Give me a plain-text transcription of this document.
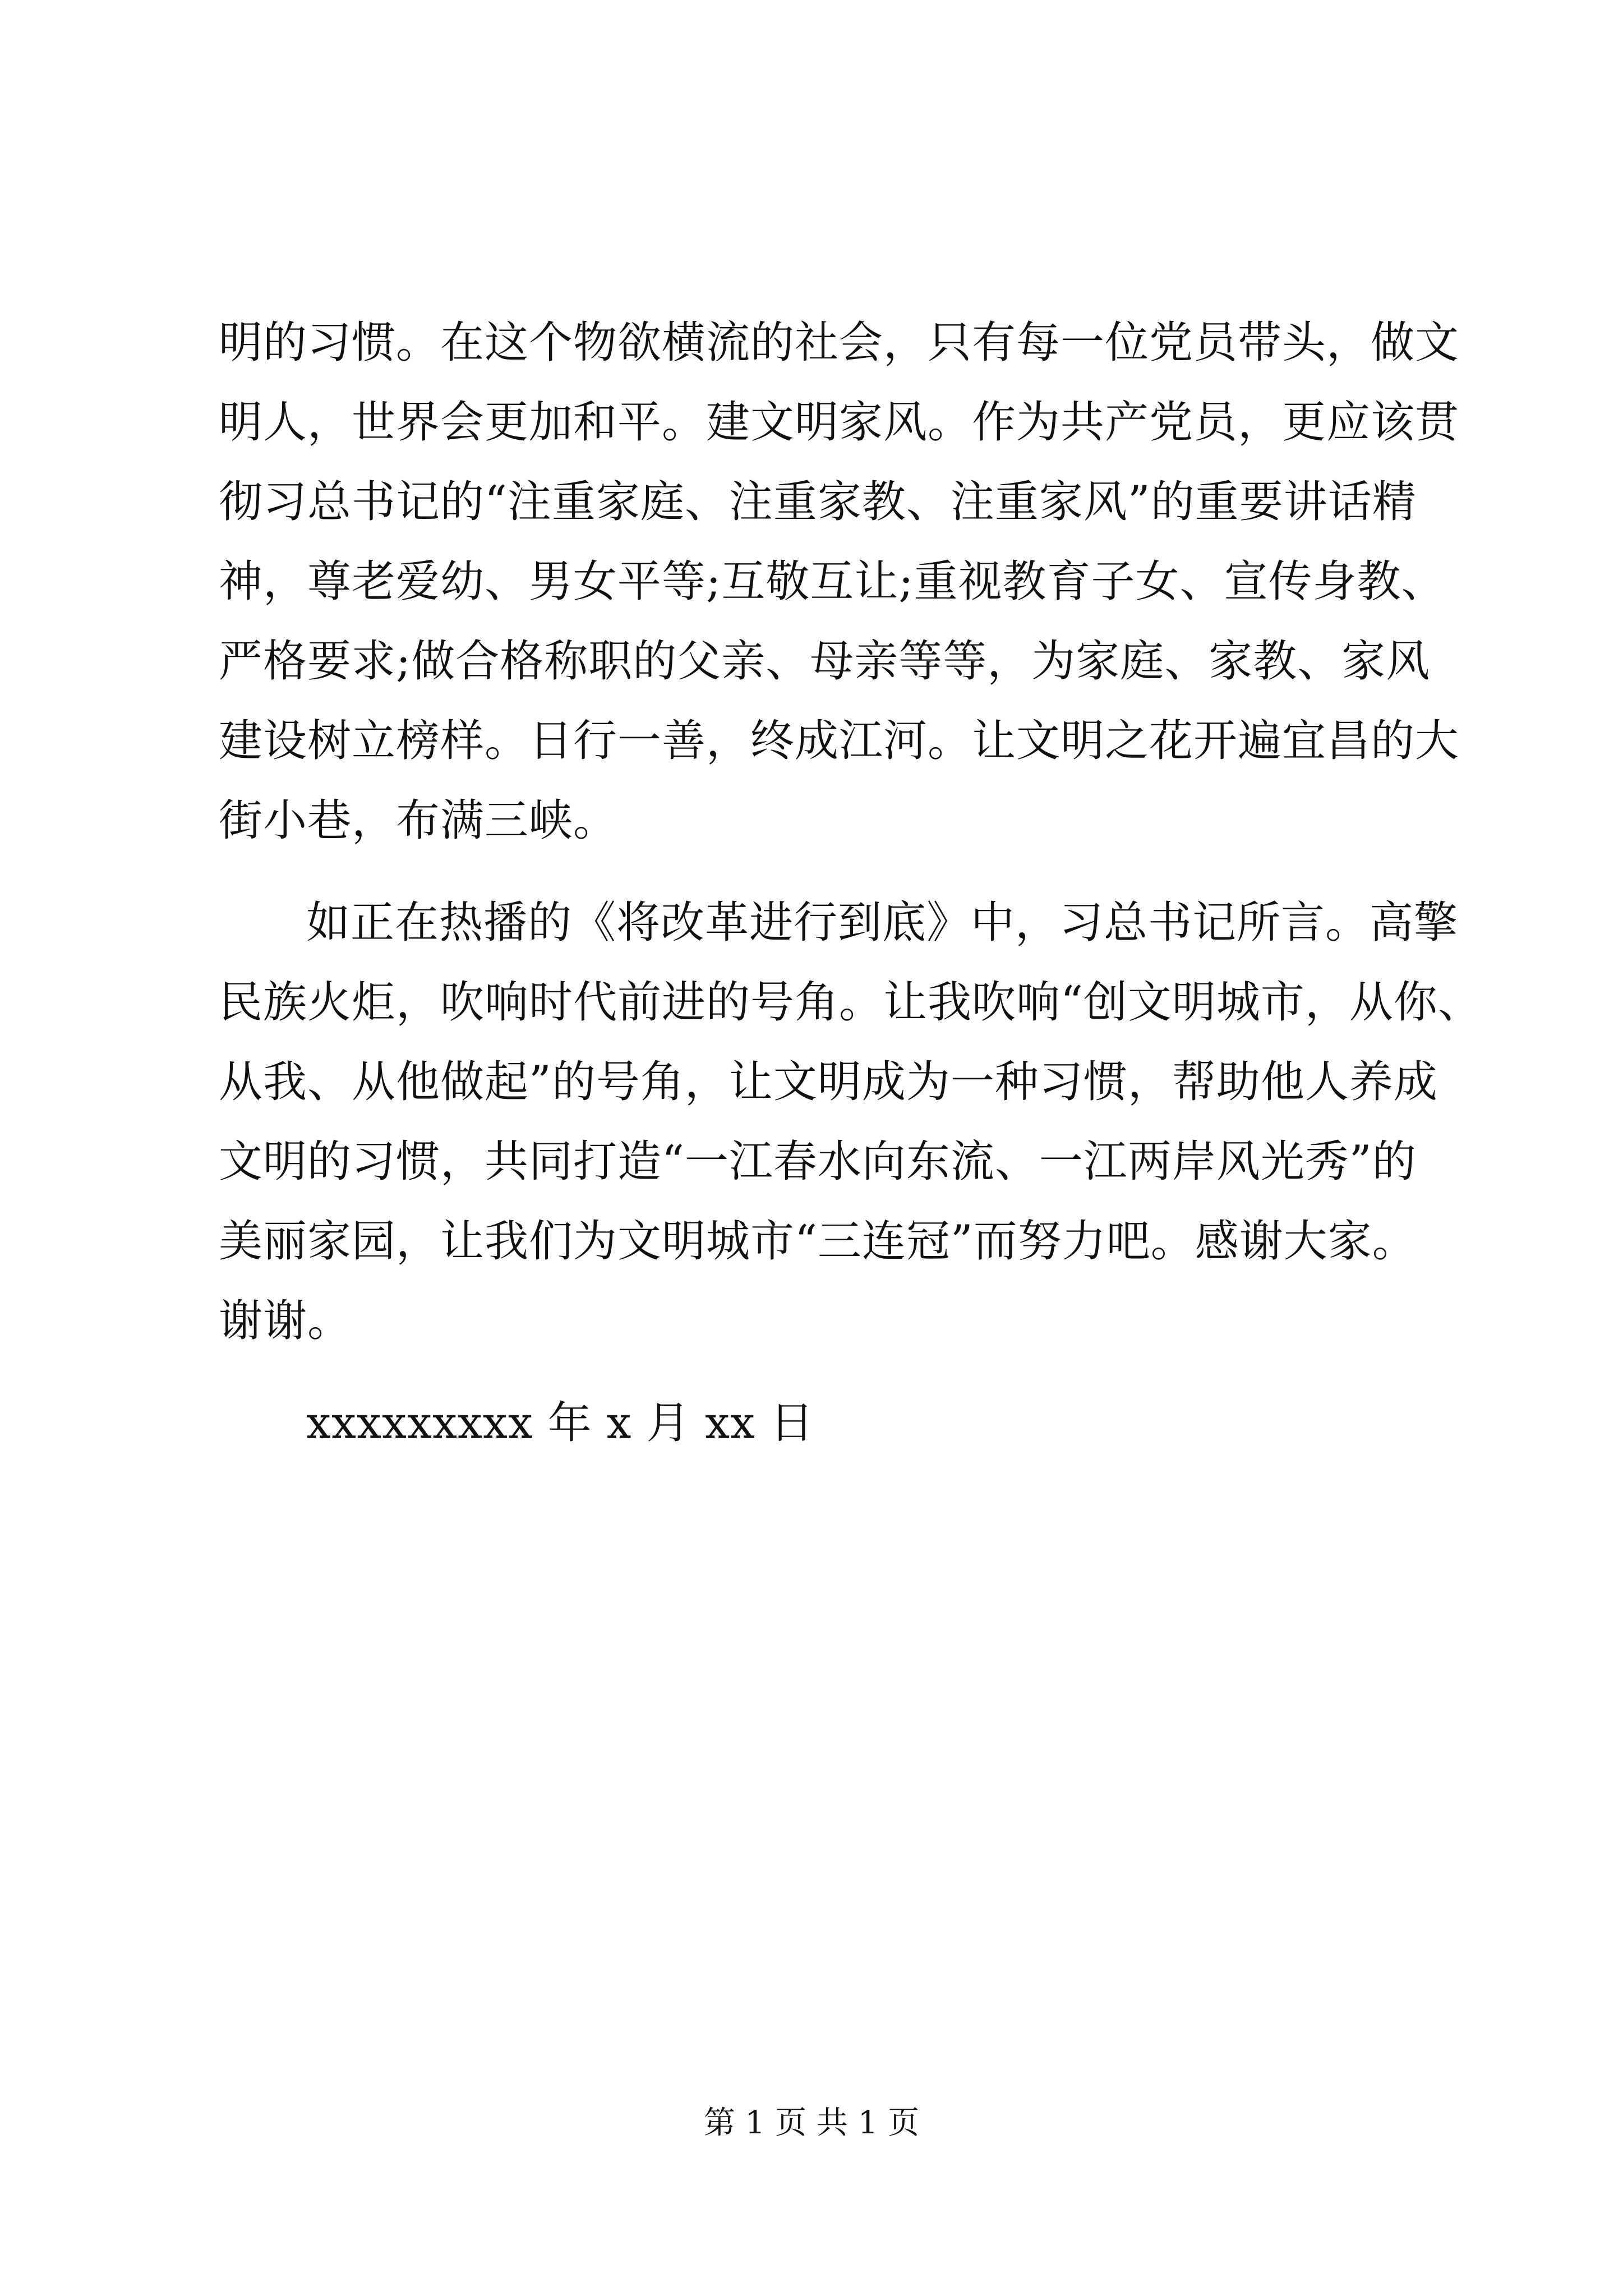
明的习惯。在这个物欲横流的社会，只有每一位党员带头，做文
明人，世界会更加和平。建文明家风。作为共产党员，更应该贯
彻习总书记的“注重家庭、注重家教、注重家风”的重要讲话精
神，尊老爱幼、男女平等;互敬互让;重视教育子女、宣传身教、
严格要求;做合格称职的父亲、母亲等等，为家庭、家教、家风
建设树立榜样。日行一善，终成江河。让文明之花开遍宜昌的大
街小巷，布满三峡。
如正在热播的《将改革进行到底》中，习总书记所言。高擎
民族火炬，吹响时代前进的号角。让我吹响“创文明城市，从你、
从我、从他做起”的号角，让文明成为一种习惯，帮助他人养成
文明的习惯，共同打造“一江春水向东流、一江两岸风光秀”的
美丽家园，让我们为文明城市“三连冠”而努力吧。感谢大家。
谢谢。
xxxxxxxxx 年 x 月 xx 日
第 1 页 共 1 页
